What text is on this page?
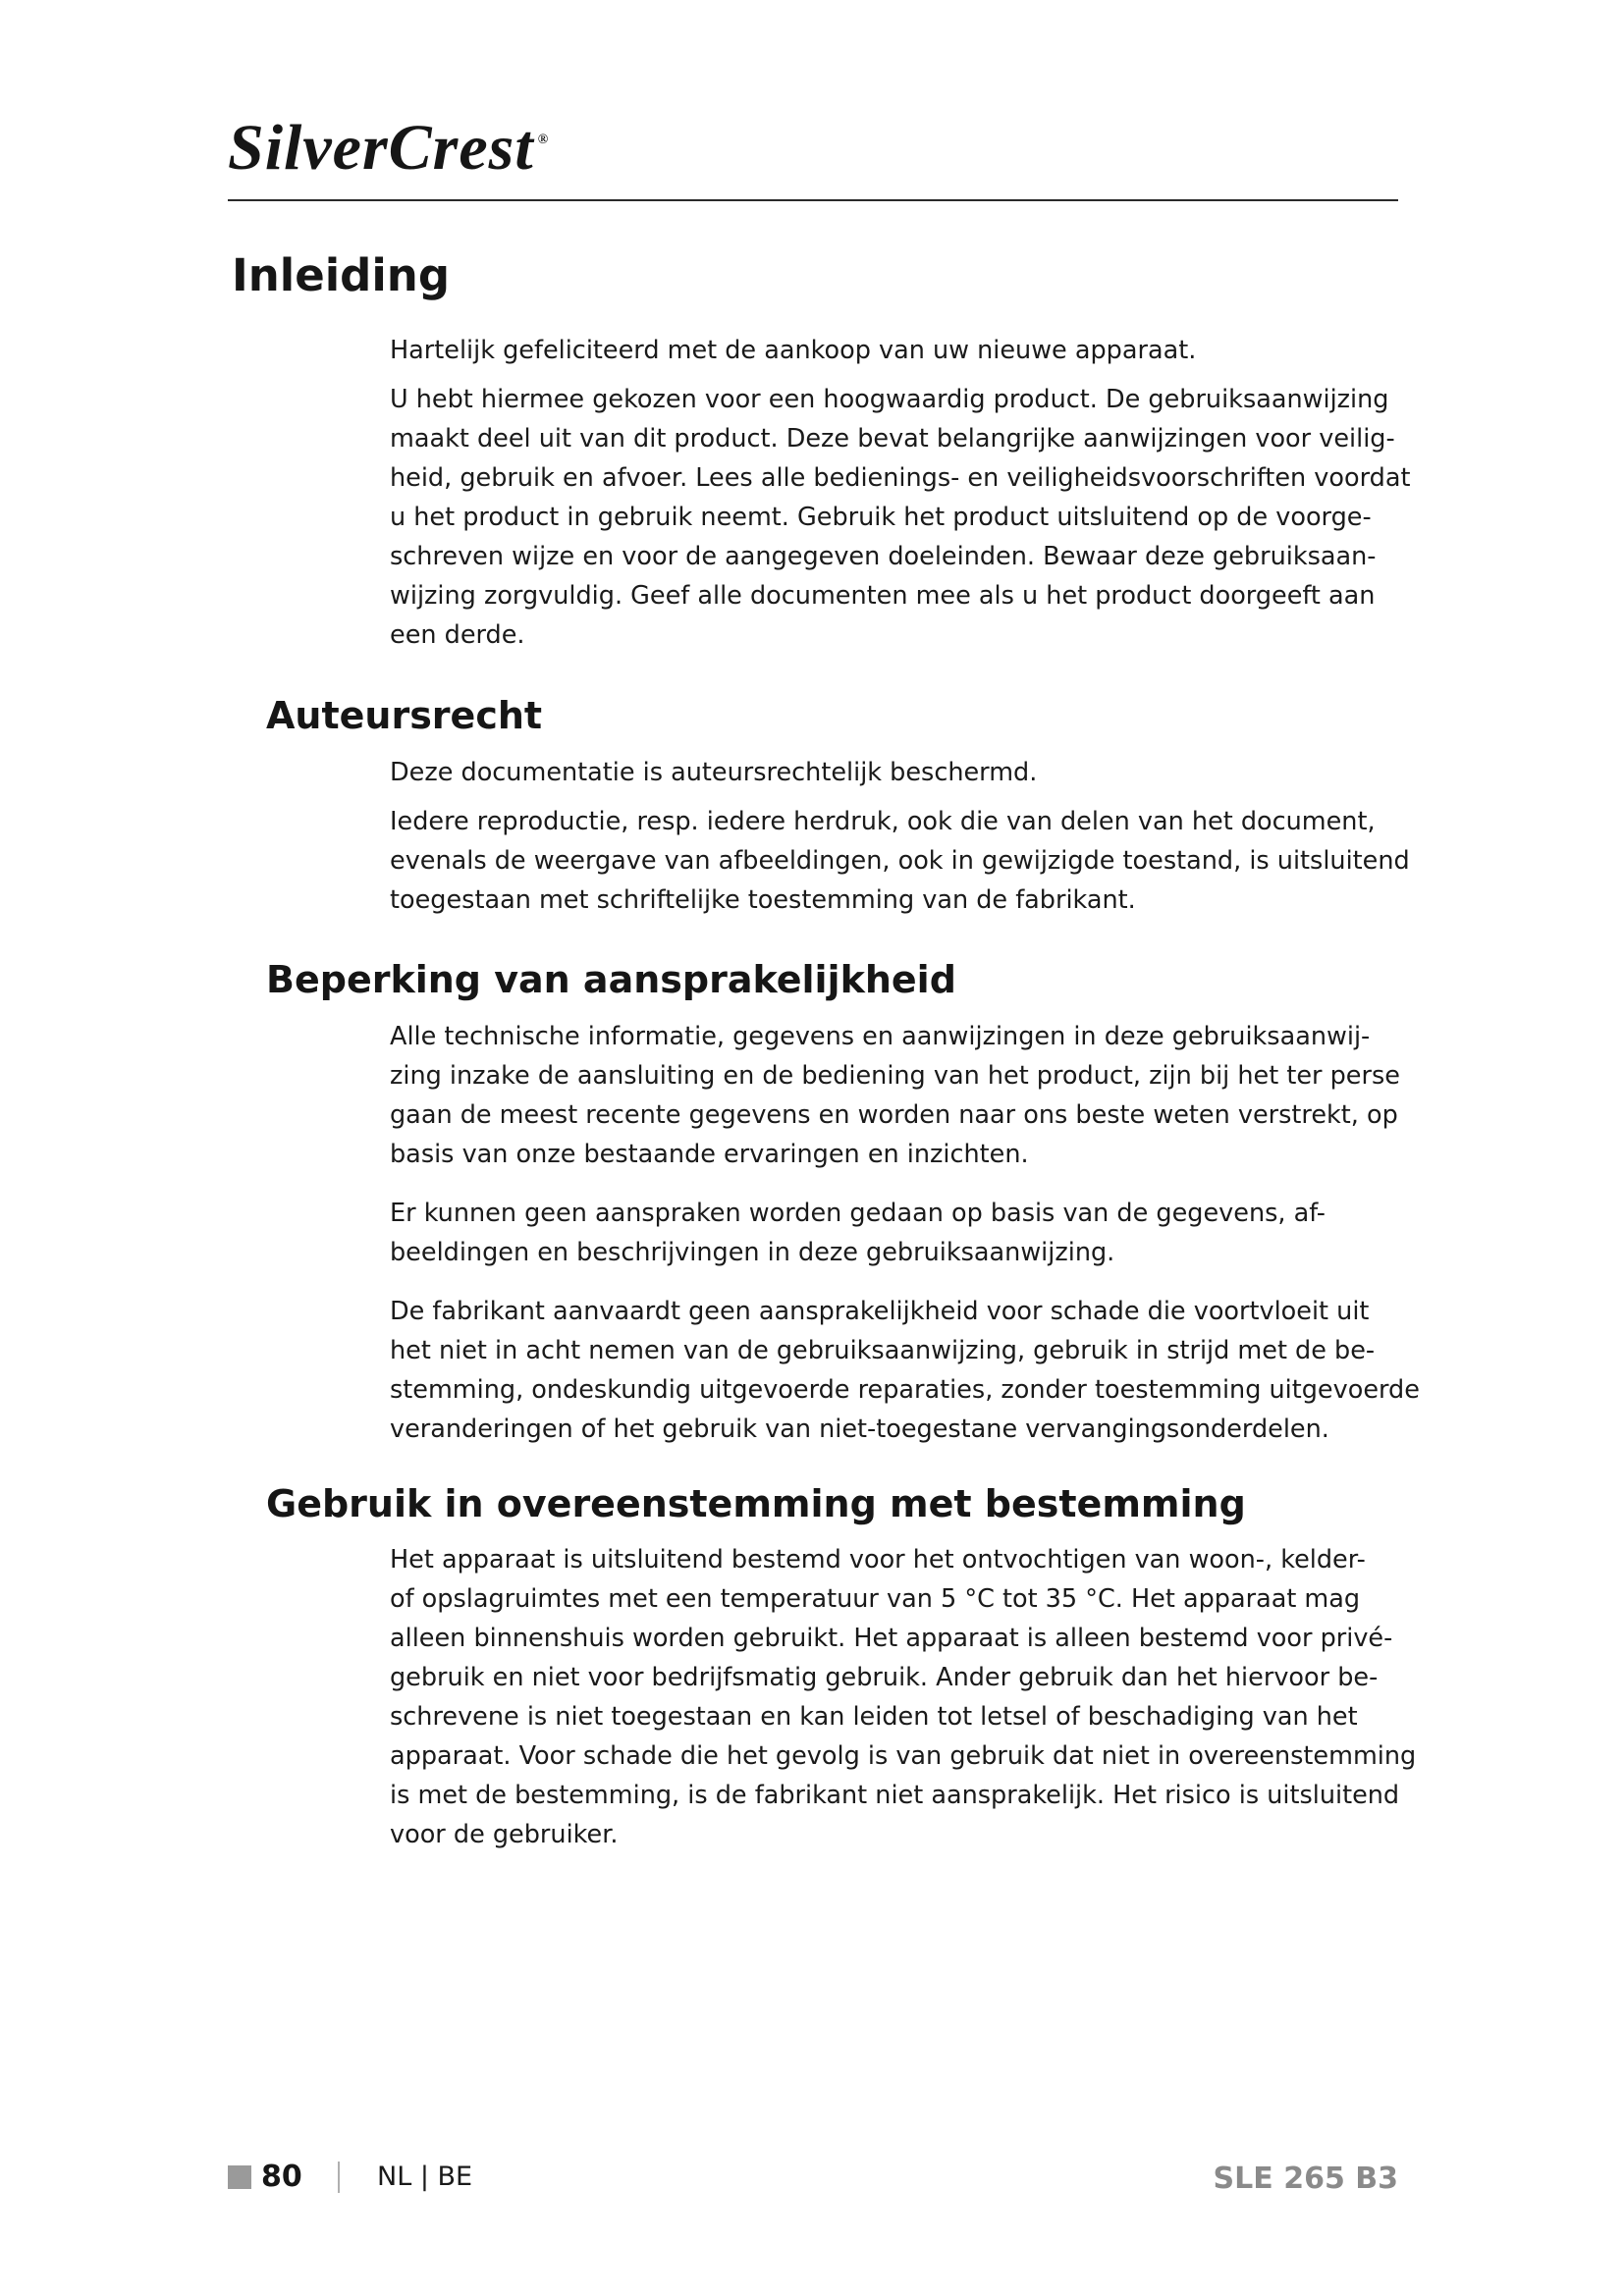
SilverCrest ®
Inleiding

Hartelijk gefeliciteerd met de aankoop van uw nieuwe apparaat.

U hebt hiermee gekozen voor een hoogwaardig product. De gebruiksaanwijzing
maakt deel uit van dit product. Deze bevat belangrijke aanwijzingen voor veilig-
heid, gebruik en afvoer. Lees alle bedienings- en veiligheidsvoorschriften voordat
u het product in gebruik neemt. Gebruik het product uitsluitend op de voorge-
schreven wijze en voor de aangegeven doeleinden. Bewaar deze gebruiksaan-
wijzing zorgvuldig. Geef alle documenten mee als u het product doorgeeft aan
een derde.

Auteursrecht

Deze documentatie is auteursrechtelijk beschermd.

Iedere reproductie, resp. iedere herdruk, ook die van delen van het document,
evenals de weergave van afbeeldingen, ook in gewijzigde toestand, is uitsluitend
toegestaan met schriftelijke toestemming van de fabrikant.

Beperking van aansprakelijkheid

Alle technische informatie, gegevens en aanwijzingen in deze gebruiksaanwij-
zing inzake de aansluiting en de bediening van het product, zijn bij het ter perse
gaan de meest recente gegevens en worden naar ons beste weten verstrekt, op
basis van onze bestaande ervaringen en inzichten.

Er kunnen geen aanspraken worden gedaan op basis van de gegevens, af-
beeldingen en beschrijvingen in deze gebruiksaanwijzing.

De fabrikant aanvaardt geen aansprakelijkheid voor schade die voortvloeit uit
het niet in acht nemen van de gebruiksaanwijzing, gebruik in strijd met de be-
stemming, ondeskundig uitgevoerde reparaties, zonder toestemming uitgevoerde
veranderingen of het gebruik van niet-toegestane vervangingsonderdelen.

Gebruik in overeenstemming met bestemming

Het apparaat is uitsluitend bestemd voor het ontvochtigen van woon-, kelder-
of opslagruimtes met een temperatuur van 5 °C tot 35 °C. Het apparaat mag
alleen binnenshuis worden gebruikt. Het apparaat is alleen bestemd voor privé-
gebruik en niet voor bedrijfsmatig gebruik. Ander gebruik dan het hiervoor be-
schrevene is niet toegestaan en kan leiden tot letsel of beschadiging van het
apparaat. Voor schade die het gevolg is van gebruik dat niet in overeenstemming
is met de bestemming, is de fabrikant niet aansprakelijk. Het risico is uitsluitend
voor de gebruiker.

80	NL | BE	SLE 265 B3
